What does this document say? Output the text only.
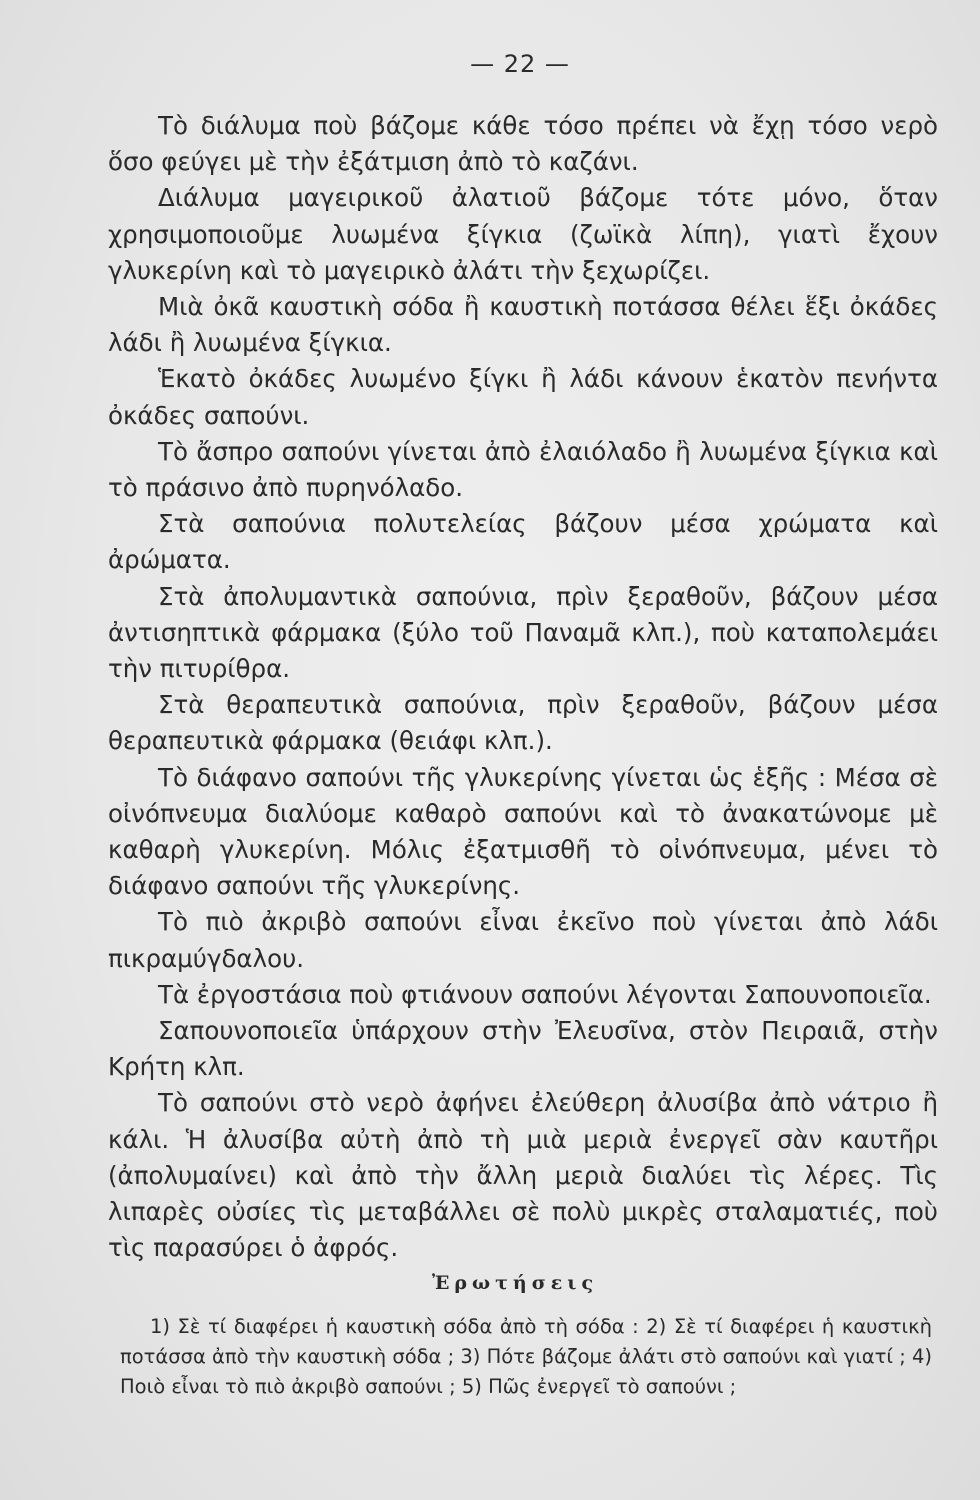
— 22 —

Τὸ διάλυμα ποὺ βάζομε κάθε τόσο πρέπει νὰ ἔχῃ τόσο νερὸ ὅσο φεύγει μὲ τὴν ἐξάτμιση ἀπὸ τὸ καζάνι.

Διάλυμα μαγειρικοῦ ἀλατιοῦ βάζομε τότε μόνο, ὅταν χρησιμοποιοῦμε λυωμένα ξίγκια (ζωϊκὰ λίπη), γιατὶ ἔχουν γλυκερίνη καὶ τὸ μαγειρικὸ ἀλάτι τὴν ξεχωρίζει.

Μιὰ ὀκᾶ καυστικὴ σόδα ἢ καυστικὴ ποτάσσα θέλει ἕξι ὀκάδες λάδι ἢ λυωμένα ξίγκια.

Ἑκατὸ ὀκάδες λυωμένο ξίγκι ἢ λάδι κάνουν ἑκατὸν πενήντα ὀκάδες σαπούνι.

Τὸ ἄσπρο σαπούνι γίνεται ἀπὸ ἐλαιόλαδο ἢ λυωμένα ξίγκια καὶ τὸ πράσινο ἀπὸ πυρηνόλαδο.

Στὰ σαπούνια πολυτελείας βάζουν μέσα χρώματα καὶ ἀρώματα.

Στὰ ἀπολυμαντικὰ σαπούνια, πρὶν ξεραθοῦν, βάζουν μέσα ἀντισηπτικὰ φάρμακα (ξύλο τοῦ Παναμᾶ κλπ.), ποὺ καταπολεμάει τὴν πιτυρίθρα.

Στὰ θεραπευτικὰ σαπούνια, πρὶν ξεραθοῦν, βάζουν μέσα θεραπευτικὰ φάρμακα (θειάφι κλπ.).

Τὸ διάφανο σαπούνι τῆς γλυκερίνης γίνεται ὡς ἑξῆς : Μέσα σὲ οἰνόπνευμα διαλύομε καθαρὸ σαπούνι καὶ τὸ ἀνακατώνομε μὲ καθαρὴ γλυκερίνη. Μόλις ἐξατμισθῆ τὸ οἰνόπνευμα, μένει τὸ διάφανο σαπούνι τῆς γλυκερίνης.

Τὸ πιὸ ἀκριβὸ σαπούνι εἶναι ἐκεῖνο ποὺ γίνεται ἀπὸ λάδι πικραμύγδαλου.

Τὰ ἐργοστάσια ποὺ φτιάνουν σαπούνι λέγονται Σαπουνοποιεῖα.

Σαπουνοποιεῖα ὑπάρχουν στὴν Ἐλευσῖνα, στὸν Πειραιᾶ, στὴν Κρήτη κλπ.

Τὸ σαπούνι στὸ νερὸ ἀφήνει ἐλεύθερη ἀλυσίβα ἀπὸ νάτριο ἢ κάλι. Ἡ ἀλυσίβα αὐτὴ ἀπὸ τὴ μιὰ μεριὰ ἐνεργεῖ σὰν καυτῆρι (ἀπολυμαίνει) καὶ ἀπὸ τὴν ἄλλη μεριὰ διαλύει τὶς λέρες. Τὶς λιπαρὲς οὐσίες τὶς μεταβάλλει σὲ πολὺ μικρὲς σταλαματιές, ποὺ τὶς παρασύρει ὁ ἀφρός.

Ἐρωτήσεις

1) Σὲ τί διαφέρει ἡ καυστικὴ σόδα ἀπὸ τὴ σόδα : 2) Σὲ τί διαφέρει ἡ καυστικὴ ποτάσσα ἀπὸ τὴν καυστικὴ σόδα ; 3) Πότε βάζομε ἀλάτι στὸ σαπούνι καὶ γιατί ; 4) Ποιὸ εἶναι τὸ πιὸ ἀκριβὸ σαπούνι ; 5) Πῶς ἐνεργεῖ τὸ σαπούνι ;
